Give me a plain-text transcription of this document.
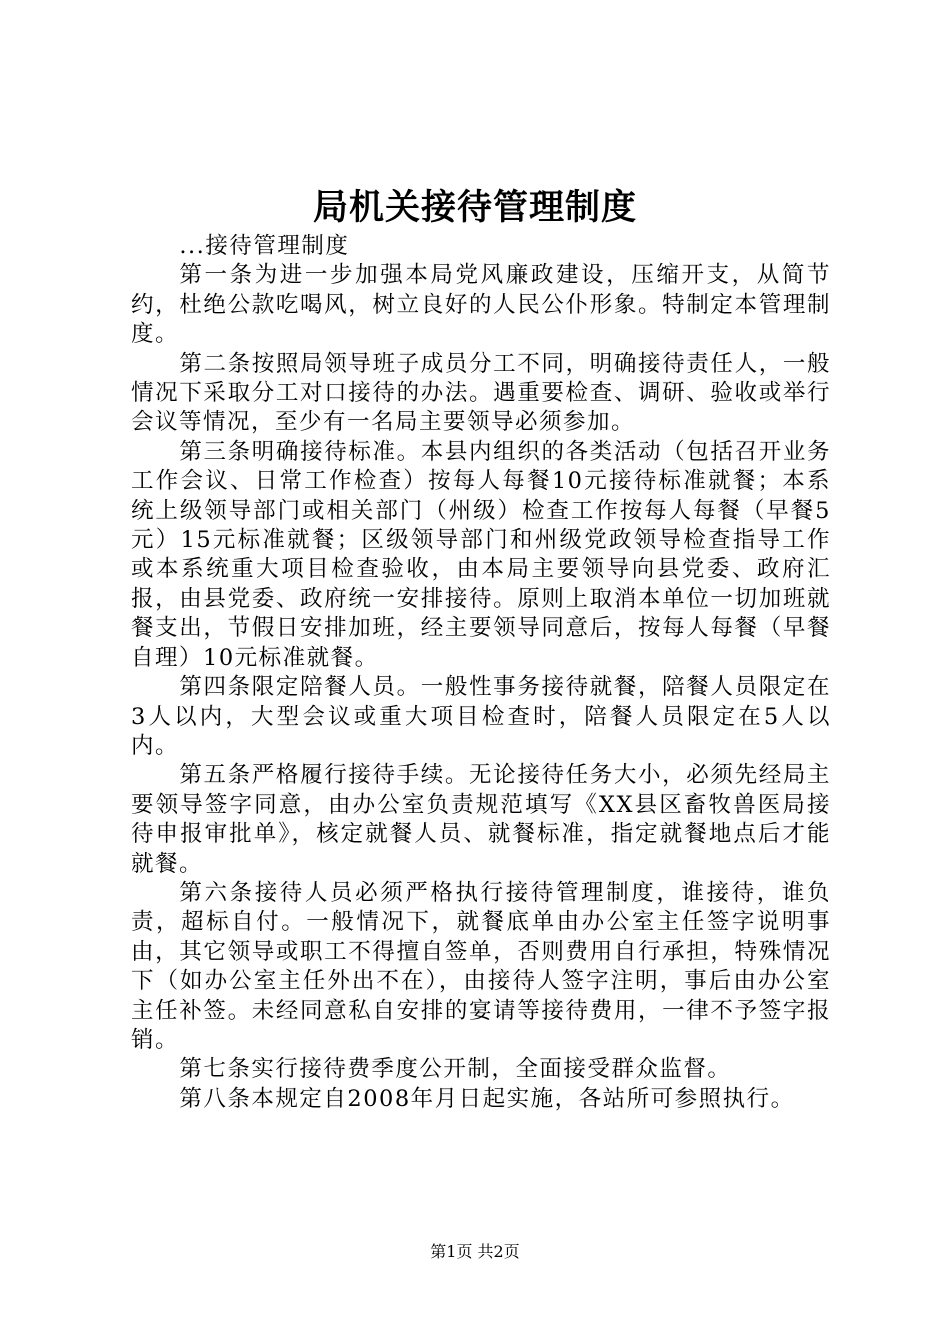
局机关接待管理制度

...接待管理制度

第一条为进一步加强本局党风廉政建设，压缩开支，从简节约，杜绝公款吃喝风，树立良好的人民公仆形象。特制定本管理制度。

第二条按照局领导班子成员分工不同，明确接待责任人，一般情况下采取分工对口接待的办法。遇重要检查、调研、验收或举行会议等情况，至少有一名局主要领导必须参加。

第三条明确接待标准。本县内组织的各类活动（包括召开业务工作会议、日常工作检查）按每人每餐10元接待标准就餐；本系统上级领导部门或相关部门（州级）检查工作按每人每餐（早餐5元）15元标准就餐；区级领导部门和州级党政领导检查指导工作或本系统重大项目检查验收，由本局主要领导向县党委、政府汇报，由县党委、政府统一安排接待。原则上取消本单位一切加班就餐支出，节假日安排加班，经主要领导同意后，按每人每餐（早餐自理）10元标准就餐。

第四条限定陪餐人员。一般性事务接待就餐，陪餐人员限定在3人以内，大型会议或重大项目检查时，陪餐人员限定在5人以内。

第五条严格履行接待手续。无论接待任务大小，必须先经局主要领导签字同意，由办公室负责规范填写《XX县区畜牧兽医局接待申报审批单》，核定就餐人员、就餐标准，指定就餐地点后才能就餐。

第六条接待人员必须严格执行接待管理制度，谁接待，谁负责，超标自付。一般情况下，就餐底单由办公室主任签字说明事由，其它领导或职工不得擅自签单，否则费用自行承担，特殊情况下（如办公室主任外出不在），由接待人签字注明，事后由办公室主任补签。未经同意私自安排的宴请等接待费用，一律不予签字报销。

第七条实行接待费季度公开制，全面接受群众监督。

第八条本规定自2008年月日起实施，各站所可参照执行。

第1页 共2页
